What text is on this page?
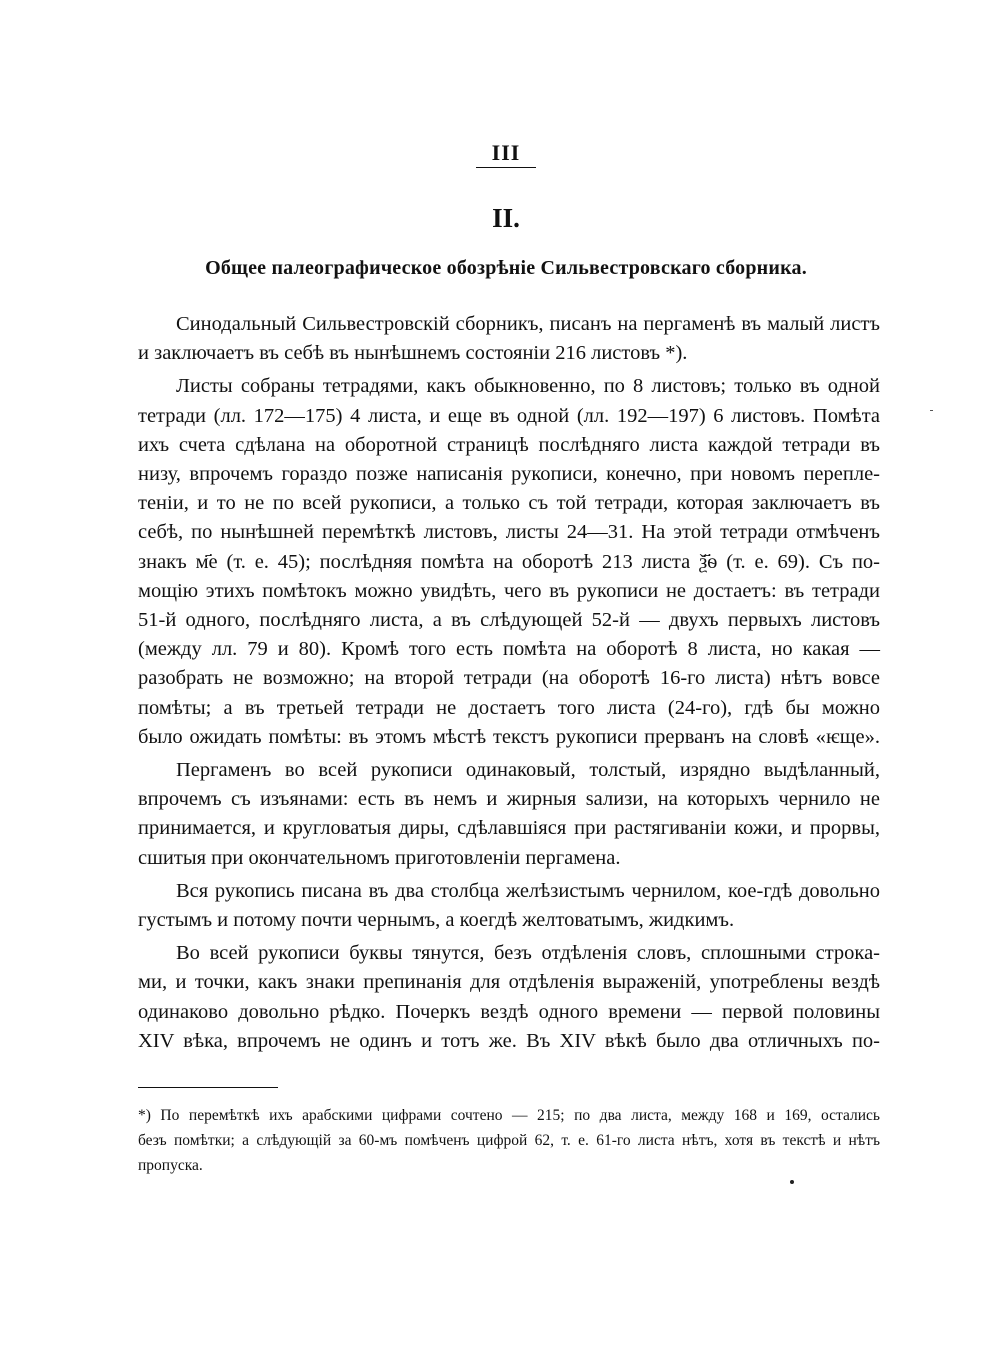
III
II.
Общее палеографическое обозрѣніе Сильвестровскаго сборника.
Синодальный Сильвестровскій сборникъ, писанъ на пергаменѣ въ малый листъ
и заключаетъ въ себѣ въ нынѣшнемъ состояніи 216 листовъ *).
Листы собраны тетрадями, какъ обыкновенно, по 8 листовъ; только въ одной
тетради (лл. 172—175) 4 листа, и еще въ одной (лл. 192—197) 6 листовъ. Помѣта
ихъ счета сдѣлана на оборотной страницѣ послѣдняго листа каждой тетради въ
низу, впрочемъ гораздо позже написанія рукописи, конечно, при новомъ перепле-
теніи, и то не по всей рукописи, а только съ той тетради, которая заключаетъ въ
себѣ, по нынѣшней перемѣткѣ листовъ, листы 24—31. На этой тетради отмѣченъ
знакъ м҃е (т. е. 45); послѣдняя помѣта на оборотѣ 213 листа ѯ҃ѳ (т. е. 69). Съ по-
мощію этихъ помѣтокъ можно увидѣть, чего въ рукописи не достаетъ: въ тетради
51-й одного, послѣдняго листа, а въ слѣдующей 52-й — двухъ первыхъ листовъ
(между лл. 79 и 80). Кромѣ того есть помѣта на оборотѣ 8 листа, но какая —
разобрать не возможно; на второй тетради (на оборотѣ 16-го листа) нѣтъ вовсе
помѣты; а въ третьей тетради не достаетъ того листа (24-го), гдѣ бы можно
было ожидать помѣты: въ этомъ мѣстѣ текстъ рукописи прерванъ на словѣ «ѥще».
Пергаменъ во всей рукописи одинаковый, толстый, изрядно выдѣланный,
впрочемъ съ изъянами: есть въ немъ и жирныя ѕализи, на которыхъ чернило не
принимается, и кругловатыя диры, сдѣлавшіяся при растягиваніи кожи, и прорвы,
сшитыя при окончательномъ приготовленіи пергамена.
Вся рукопись писана въ два столбца желѣзистымъ чернилом, кое-гдѣ довольно
густымъ и потому почти чернымъ, а коегдѣ желтоватымъ, жидкимъ.
Во всей рукописи буквы тянутся, безъ отдѣленія словъ, сплошными строка-
ми, и точки, какъ знаки препинанія для отдѣленія выраженій, употреблены вездѣ
одинаково довольно рѣдко. Почеркъ вездѣ одного времени — первой половины
XIV вѣка, впрочемъ не одинъ и тотъ же. Въ XIV вѣкѣ было два отличныхъ по-
*) По перемѣткѣ ихъ арабскими цифрами сочтено — 215; по два листа, между 168 и 169, остались
безъ помѣтки; а слѣдующій за 60-мъ помѣченъ цифрой 62, т. е. 61-го листа нѣтъ, хотя въ текстѣ и нѣтъ
пропуска.
